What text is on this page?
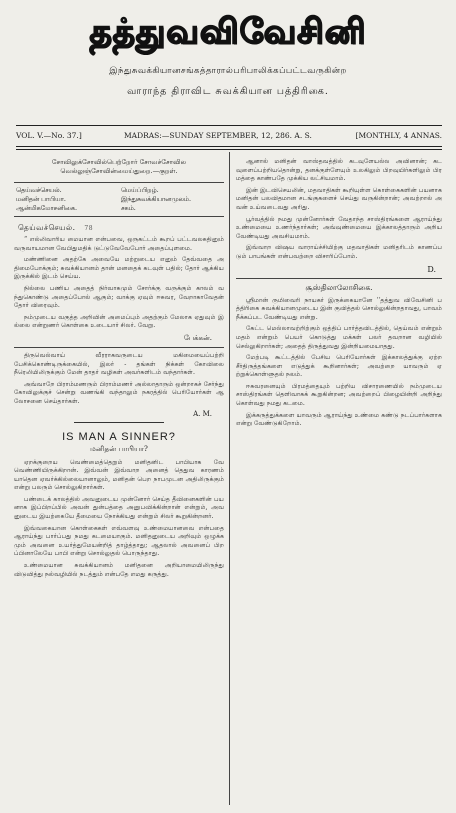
தத்துவவிவேசினி
இந்துசுவக்கியானசங்கத்தாரால்பரிபாலிக்கப்பட்டவருகின்ற
வாராந்த திராவிட சுவக்கியான பத்திரிகை.
VOL. V.—No. 37.]	MADRAS:—SUNDAY SEPTEMBER, 12, 286. A. S.	[MONTHLY, 4 ANNAS.
சோவிலுக்சோவில்பெற்றோர் சோவச்சோவில வெல்லுஞ்சோவின்மைய்துறை.—குறள்.
தெய்வச்செயல்.	மெய்ப்பிறழ்.
மனிதன் பாபியா.	இந்துசுவக்கியானமுலம்.
ஆன்மிகமோசனிகை.	சகம்.
தெய்வச்செயல். 78

“ எல்லிவாரிய மையான என்பவை, ஒருகட்டம் கூறப் பட்டவலகதினும் வருவாயமான வேபிதுமதிக் டுட்டுவேவேபோர் அதைப்புளமை.

மண்ணினை அதற்கே அவையே மற்றுடைய எனும் தேவ்வதை அதிமைபோக்கும்; சுவக்கியானம் தான் மனதைக் கடவுள் பதில்; தோர் ஆக்கிய இருக்கில் இடம் செய்ய.

நில்லை பணிய அதைத் நிர்வாகமும் சோர்க்கு வருக்கும் காலம் வந்துகொண்டு அதைப்போல் ஆகும்; வாக்கு ஏவும் ஈசுவர, வேறாகாவேதன் தோர் விரைவும்.

நம்முடைய வகுத்த அறிவின் அமைப்பும் அதற்கும் மேலாக ஏதுவும் இல்லை என்றுணர் கொள்கை உடையார் சிலர். வேறு.

பேக்கன்.

திருவெல்வாய் வீரராகவருடைய மகிமையைப்பற்றி பேசிக்கொண்டிருக்கையில், இலர் - தங்கள் நிக்கள் கோவிலை நீரெலியிலிருக்கும் மேன் தாதர் வழிகள் அவர்களிடம் வந்தார்கள்.

அவ்வாறே பிராம்மணரும் பிராம்மணர் அல்லாதாரும் ஒன்றாகச் சேர்ந்து கோவிலுக்குச் சென்று வணங்கி வந்தாலும் நகரத்தில் பெரியோர்கள் ஆலோசனை செய்தார்கள்.

A. M.
IS MAN A SINNER?
மனிதன் பாபியா?

ஏறக்குறைய வெண்மைத்தெறும் மனிதனிட பாபியாக வே வெண்ணியிருக்கிறான். இவ்வன் இவ்வாற அனைத் தெதுவ காரணம் யாதென ஏவர்க்கில்லையானாலும், மனிதன் பெற நாபமுடன அதிலிருக்கும் என்று பலரும் சொல்லுகிறார்கள்.

பண்டைக் காலத்தில் அவனுடைய முன்னோர் செய்த தீவினைகளின் பயனாக இப்பிறப்பில் அவன் துன்பத்தை அனுபவிக்கின்றான் என்றும், அவனுடைய இயற்கையே தீமையை நோக்கியது என்றும் சிலர் கூறுகின்றனர்.

இவ்வகையான கொள்கைகள் எவ்வளவு உண்மையானவை என்பதை ஆராய்ந்து பார்ப்பது நமது கடமையாகும். மனிதனுடைய அறிவும் ஒழுக்கமும் அவனை உயர்த்துமேயன்றித் தாழ்த்தாது; ஆதலால் அவனைப் பிறப்பினாலேயே பாபி என்று சொல்லுதல் பொருந்தாது.

உண்மையான சுவக்கியானம் மனிதனை அறியாமையிலிருந்து விடுவித்து நல்வழியில் நடத்தும் என்பதே எமது கருத்து.

ஆனால் மனிதன் வாஸ்தவத்தில் கடவுளேயல்ல அவினான்; கடவுளைப்பற்றியதொன்று, தனக்குள்ளேயும் உலகிலும் பிறவுயிர்களிலும் பிரமத்தை காண்பதே முக்கிய லட்சியமாம்.

இன் இடவிசெயலின், மதவாதிகள் கூறியுள்ள கொள்கைகளின் பயனாக மனிதன் பலவிதமான சடங்குகளைச் செய்து வருகின்றான்; அவற்றால் அவன் உய்வடைவது அரிது.

பூர்வத்தில் நமது முன்னோர்கள் வேதாந்த சாஸ்திரங்களை ஆராய்ந்து உண்மையை உணர்ந்தார்கள்; அவ்வுண்மையை இக்காலத்தாரும் அறிய வேண்டியது அவசியமாம்.

இவ்வாற விஷய வாராய்ச்சியிற்கு மதவாதிகள் மனிதரிடம் காணப்படும் பாபங்கள் என்பவற்றை விசாரிப்போம்.

D.
சூஸ்திலாலோசிகை.

ஸ்ரீமான் ருமிவைரி நாயகர் இருக்கையானே ‘‘தத்துவ விவேசினி பத்திரிகை சுவக்கியானமுடைய இன் குவித்தல் சொல்லுகின்றதாவது, பாவம் நீக்கப்பட வேண்டியது என்று.

கேட்ட மெல்லாவற்றிற்கும் ஒத்திப் பார்த்தவிடத்தில், தெய்வம் என்றும் மதம் என்றும் பெயர் கொடுத்து மக்கள் பலர் தவறான வழியில் செல்லுகிறார்கள்; அதைத் திருத்துவது இன்றியமையாதது.

மேற்படி கூட்டத்தில் பேசிய பெரியோர்கள் இக்காலத்துக்கு ஏற்ற சீர்திருத்தங்களை எடுத்துக் கூறினார்கள்; அவற்றை யாவரும் ஏற்றுக்கொள்ளுதல் நலம்.

ஈசுவரனையும் பிரமத்தையும் பற்றிய விசாரணையில் நம்முடைய சாஸ்திரங்கள் தெளிவாகக் கூறுகின்றன; அவற்றைப் பிழையின்றி அறிந்து கொள்வது நமது கடமை.

இக்கருத்துக்களை யாவரும் ஆராய்ந்து உண்மை கண்டு நடப்பார்களாக என்று வேண்டுகிறோம்.
